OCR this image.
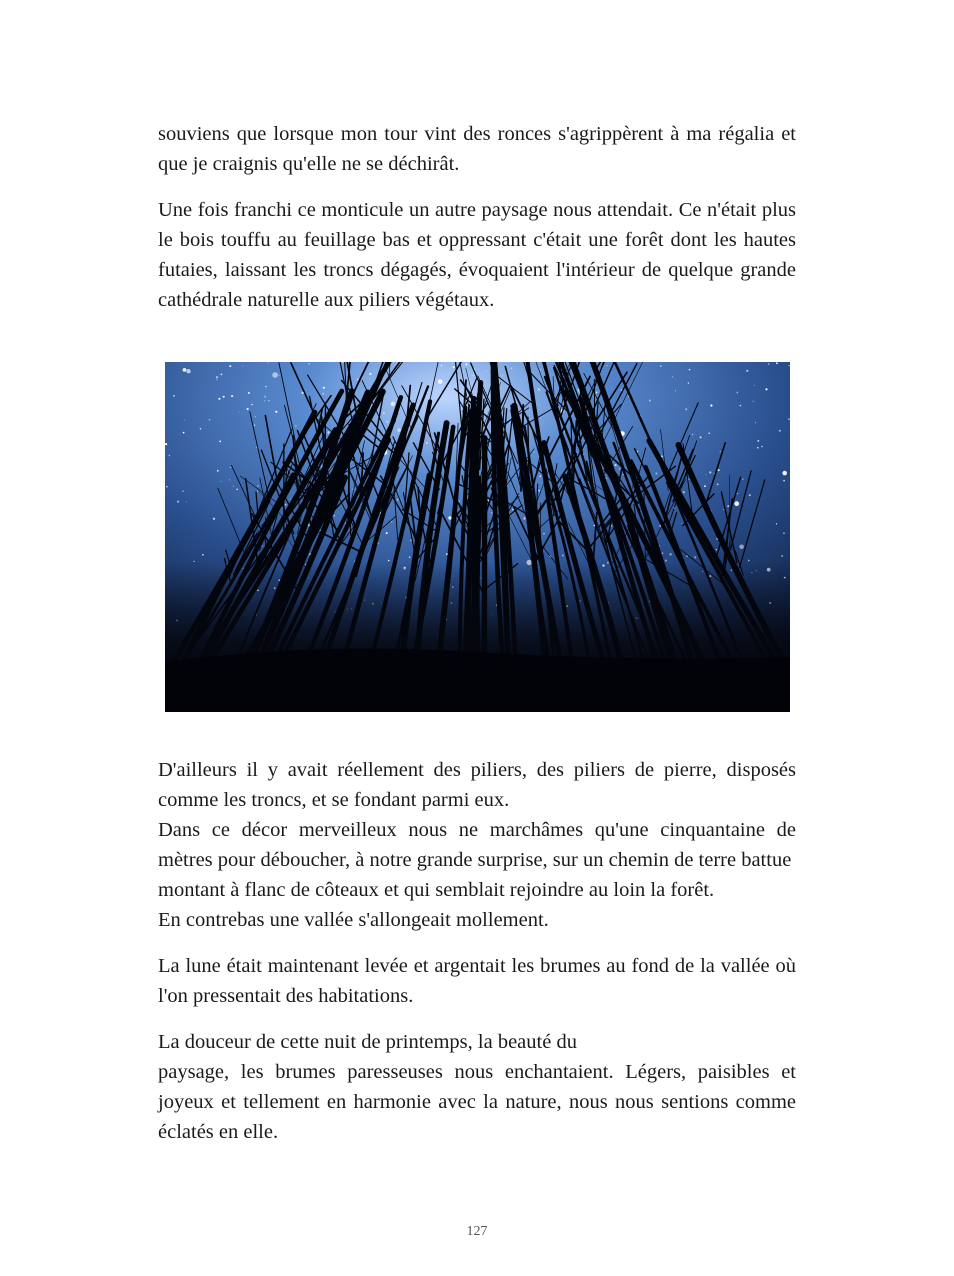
souviens que lorsque mon tour vint des ronces s'agrippèrent à ma régalia et que je craignis qu'elle ne se déchirât.

Une fois franchi ce monticule un autre paysage nous attendait. Ce n'était plus le bois touffu au feuillage bas et oppressant c'était une forêt dont les hautes futaies, laissant les troncs dégagés, évoquaient l'intérieur de quelque grande cathédrale naturelle aux piliers végétaux.

D'ailleurs il y avait réellement des piliers, des piliers de pierre, disposés comme les troncs, et se fondant parmi eux.

Dans ce décor merveilleux nous ne marchâmes qu'une cinquantaine de mètres pour déboucher, à notre grande surprise, sur un chemin de terre battue

montant à flanc de côteaux et qui semblait rejoindre au loin la forêt.

En contrebas une vallée s'allongeait mollement.

La lune était maintenant levée et argentait les brumes au fond de la vallée où l'on pressentait des habitations.

La douceur de cette nuit de printemps, la beauté du

paysage, les brumes paresseuses nous enchantaient. Légers, paisibles et joyeux et tellement en harmonie avec la nature, nous nous sentions comme éclatés en elle.

127
